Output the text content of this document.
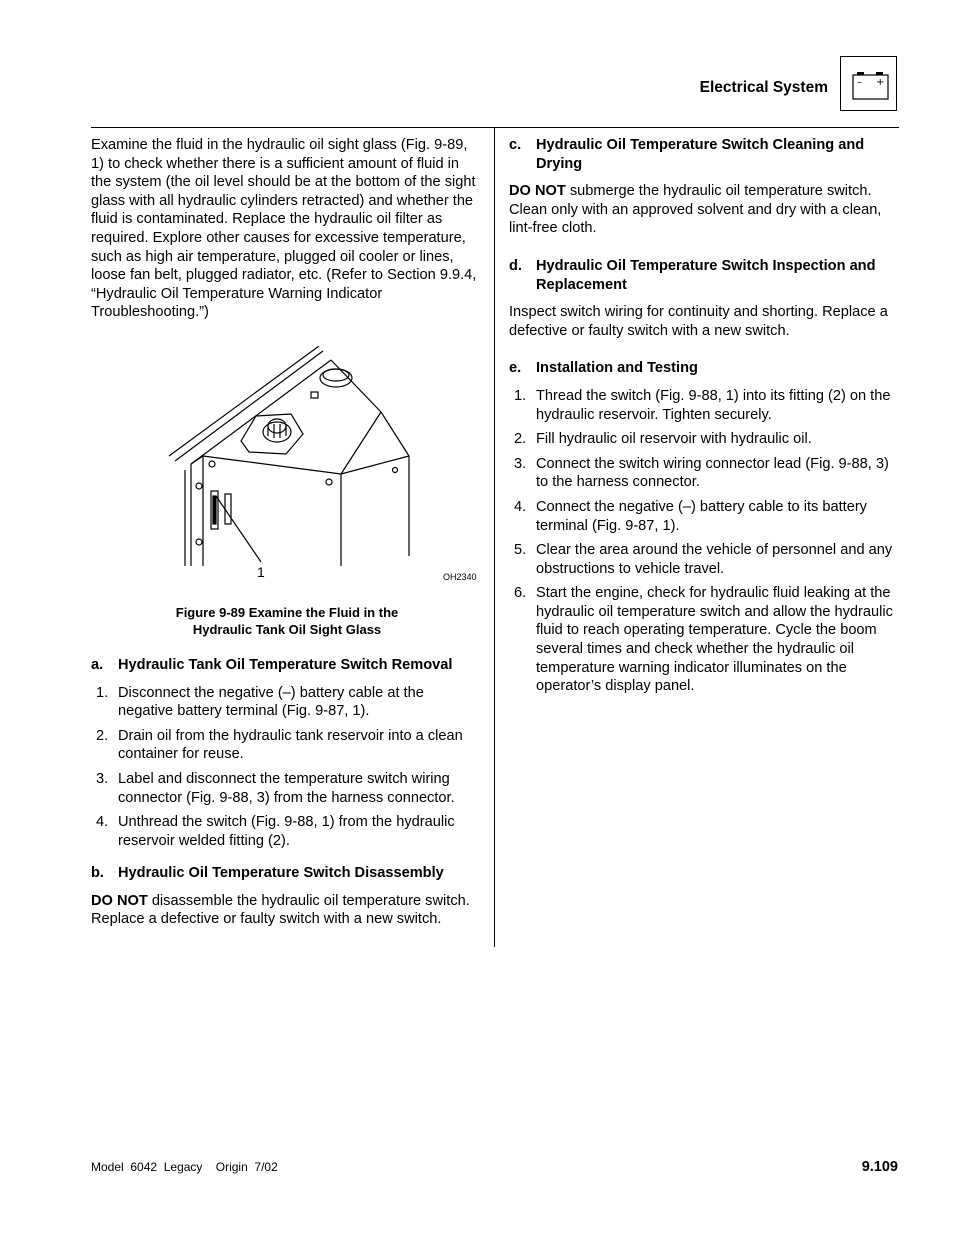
Electrical System	– +

Examine the fluid in the hydraulic oil sight glass (Fig. 9-89, 1) to check whether there is a sufficient amount of fluid in the system (the oil level should be at the bottom of the sight glass with all hydraulic cylinders retracted) and whether the fluid is contaminated. Replace the hydraulic oil filter as required. Explore other causes for excessive temperature, such as high air temperature, plugged oil cooler or lines, loose fan belt, plugged radiator, etc. (Refer to Section 9.9.4, “Hydraulic Oil Temperature Warning Indicator Troubleshooting.”)

1	OH2340
Figure 9-89 Examine the Fluid in the
Hydraulic Tank Oil Sight Glass
a.	Hydraulic Tank Oil Temperature Switch Removal
1. Disconnect the negative (–) battery cable at the negative battery terminal (Fig. 9-87, 1).
2. Drain oil from the hydraulic tank reservoir into a clean container for reuse.
3. Label and disconnect the temperature switch wiring connector (Fig. 9-88, 3) from the harness connector.
4. Unthread the switch (Fig. 9-88, 1) from the hydraulic reservoir welded fitting (2).
b. Hydraulic Oil Temperature Switch Disassembly

DO NOT disassemble the hydraulic oil temperature switch. Replace a defective or faulty switch with a new switch.

c.	Hydraulic Oil Temperature Switch Cleaning and Drying

DO NOT submerge the hydraulic oil temperature switch. Clean only with an approved solvent and dry with a clean, lint-free cloth.

d. Hydraulic Oil Temperature Switch Inspection and Replacement

Inspect switch wiring for continuity and shorting. Replace a defective or faulty switch with a new switch.

e.	Installation and Testing
1. Thread the switch (Fig. 9-88, 1) into its fitting (2) on the hydraulic reservoir. Tighten securely.
2. Fill hydraulic oil reservoir with hydraulic oil.
3. Connect the switch wiring connector lead (Fig. 9-88, 3) to the harness connector.
4. Connect the negative (–) battery cable to its battery terminal (Fig. 9-87, 1).
5. Clear the area around the vehicle of personnel and any obstructions to vehicle travel.
6. Start the engine, check for hydraulic fluid leaking at the hydraulic oil temperature switch and allow the hydraulic fluid to reach operating temperature. Cycle the boom several times and check whether the hydraulic oil temperature warning indicator illuminates on the operator’s display panel.
Model  6042  Legacy    Origin  7/02	9.109
